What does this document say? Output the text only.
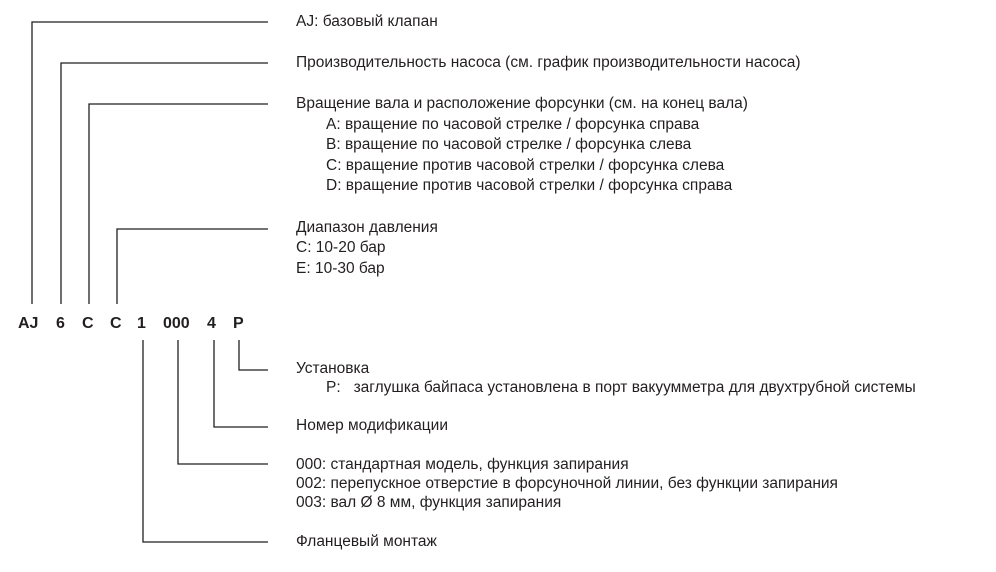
AJ 6 C C 1 000 4 P
AJ: базовый клапан
Производительность насоса (см. график производительности насоса)
Вращение вала и расположение форсунки (см. на конец вала)
A: вращение по часовой стрелке / форсунка справа
B: вращение по часовой стрелке / форсунка слева
C: вращение против часовой стрелки / форсунка слева
D: вращение против часовой стрелки / форсунка справа
Диапазон давления
C: 10-20 бар
E: 10-30 бар
Установка
P:   заглушка байпаса установлена в порт вакуумметра для двухтрубной системы
Номер модификации
000: стандартная модель, функция запирания
002: перепускное отверстие в форсуночной линии, без функции запирания
003: вал Ø 8 мм, функция запирания
Фланцевый монтаж
